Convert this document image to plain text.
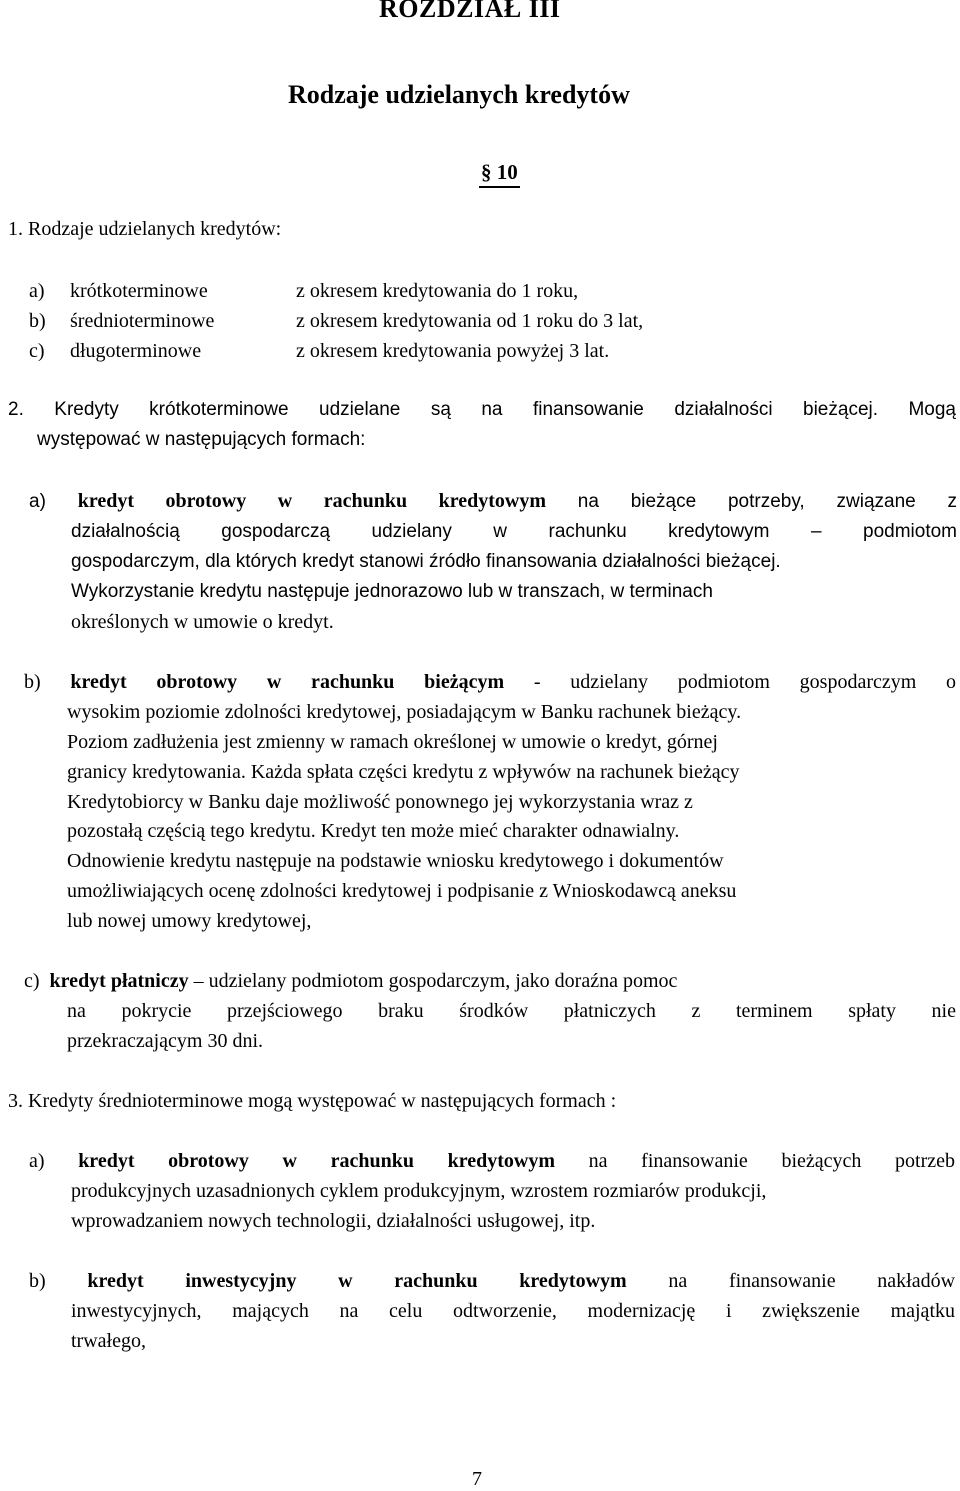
ROZDZIAŁ III
Rodzaje udzielanych kredytów
§ 10
1. Rodzaje udzielanych kredytów:
a) krótkoterminowe	z okresem kredytowania do 1 roku,
b) średnioterminowe	z okresem kredytowania od 1 roku do 3 lat,
c) długoterminowe	z okresem kredytowania powyżej 3 lat.
2. Kredyty krótkoterminowe udzielane są na finansowanie działalności bieżącej. Mogą
występować w następujących formach:
a) kredyt obrotowy w rachunku kredytowym na bieżące potrzeby, związane z
działalnością gospodarczą udzielany w rachunku kredytowym – podmiotom
gospodarczym, dla których kredyt stanowi źródło finansowania działalności bieżącej.
Wykorzystanie kredytu następuje jednorazowo lub w transzach, w terminach
określonych w umowie o kredyt.
b) kredyt obrotowy w rachunku bieżącym - udzielany podmiotom gospodarczym o
wysokim poziomie zdolności kredytowej, posiadającym w Banku rachunek bieżący.
Poziom zadłużenia jest zmienny w ramach określonej w umowie o kredyt, górnej
granicy kredytowania. Każda spłata części kredytu z wpływów na rachunek bieżący
Kredytobiorcy w Banku daje możliwość ponownego jej wykorzystania wraz z
pozostałą częścią tego kredytu. Kredyt ten może mieć charakter odnawialny.
Odnowienie kredytu następuje na podstawie wniosku kredytowego i dokumentów
umożliwiających ocenę zdolności kredytowej i podpisanie z Wnioskodawcą aneksu
lub nowej umowy kredytowej,
c) kredyt płatniczy – udzielany podmiotom gospodarczym, jako doraźna pomoc
na pokrycie przejściowego braku środków płatniczych z terminem spłaty nie
przekraczającym 30 dni.
3. Kredyty średnioterminowe mogą występować w następujących formach :
a) kredyt obrotowy w rachunku kredytowym na finansowanie bieżących potrzeb
produkcyjnych uzasadnionych cyklem produkcyjnym, wzrostem rozmiarów produkcji,
wprowadzaniem nowych technologii, działalności usługowej, itp.
b) kredyt inwestycyjny w rachunku kredytowym na finansowanie nakładów
inwestycyjnych, mających na celu odtworzenie, modernizację i zwiększenie majątku
trwałego,
7
